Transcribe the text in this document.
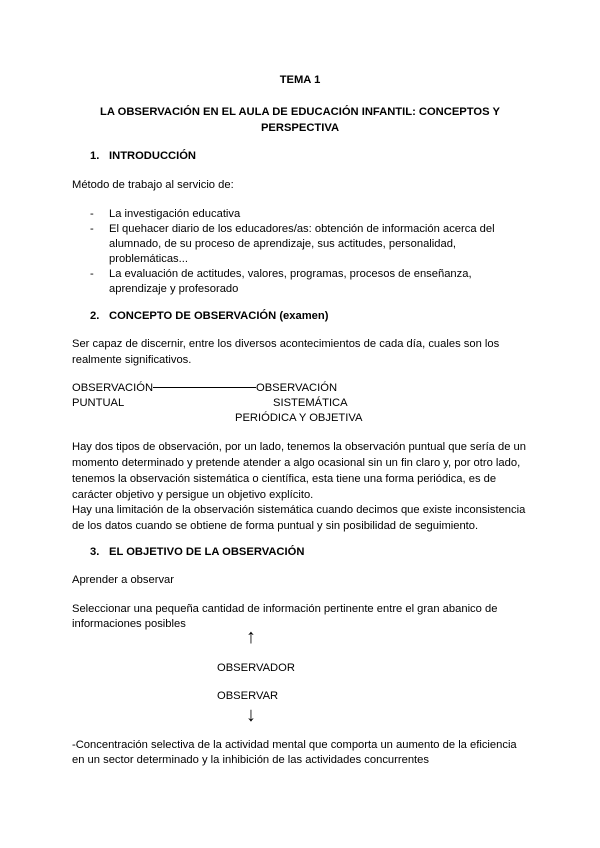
TEMA 1
LA OBSERVACIÓN EN EL AULA DE EDUCACIÓN INFANTIL: CONCEPTOS Y
PERSPECTIVA
1. INTRODUCCIÓN
Método de trabajo al servicio de:
- La investigación educativa
- El quehacer diario de los educadores/as: obtención de información acerca del
alumnado, de su proceso de aprendizaje, sus actitudes, personalidad,
problemáticas...
- La evaluación de actitudes, valores, programas, procesos de enseñanza,
aprendizaje y profesorado
2. CONCEPTO DE OBSERVACIÓN (examen)
Ser capaz de discernir, entre los diversos acontecimientos de cada día, cuales son los
realmente significativos.
OBSERVACIÓN	OBSERVACIÓN
PUNTUAL	SISTEMÁTICA
PERIÓDICA Y OBJETIVA
Hay dos tipos de observación, por un lado, tenemos la observación puntual que sería de un
momento determinado y pretende atender a algo ocasional sin un fin claro y, por otro lado,
tenemos la observación sistemática o científica, esta tiene una forma periódica, es de
carácter objetivo y persigue un objetivo explícito.
Hay una limitación de la observación sistemática cuando decimos que existe inconsistencia
de los datos cuando se obtiene de forma puntual y sin posibilidad de seguimiento.
3. EL OBJETIVO DE LA OBSERVACIÓN
Aprender a observar
Seleccionar una pequeña cantidad de información pertinente entre el gran abanico de
informaciones posibles
↑
OBSERVADOR
OBSERVAR
↓
-Concentración selectiva de la actividad mental que comporta un aumento de la eficiencia
en un sector determinado y la inhibición de las actividades concurrentes
